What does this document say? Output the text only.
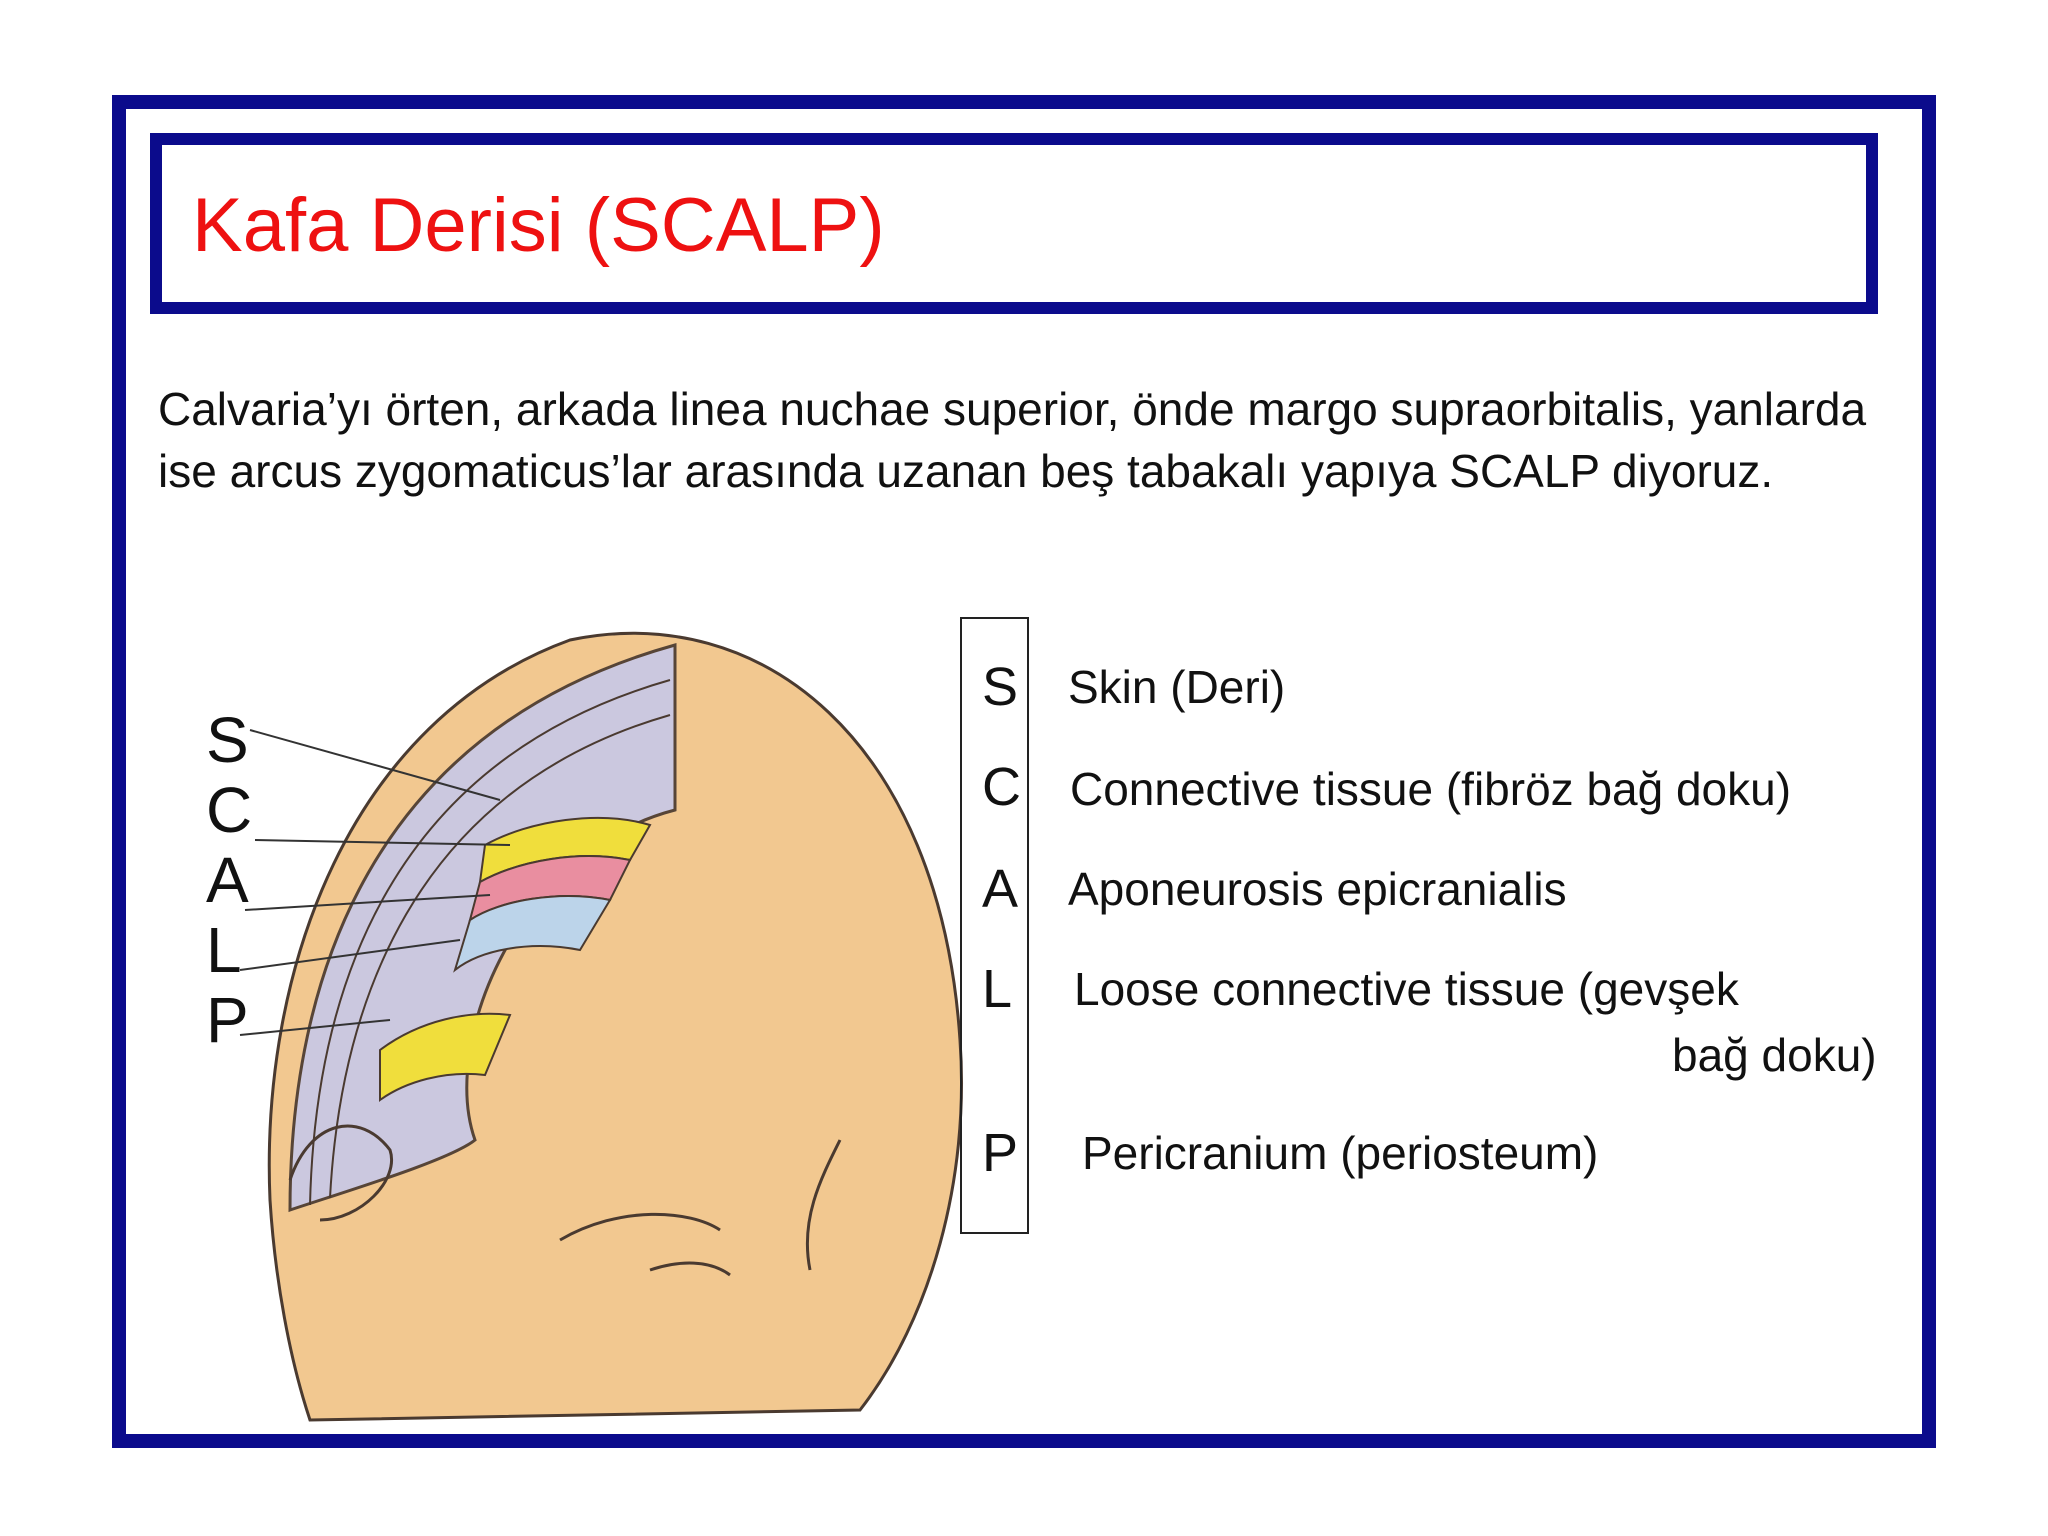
Kafa Derisi (SCALP)

Calvaria’yı örten, arkada linea nuchae superior, önde margo supraorbitalis, yanlarda ise arcus zygomaticus’lar arasında uzanan beş tabakalı yapıya SCALP diyoruz.

S
C
A
L
P
S
C
A
L
P
Skin (Deri)
Connective tissue (fibröz bağ doku)
Aponeurosis epicranialis
Loose connective tissue (gevşek
bağ doku)
Pericranium (periosteum)
